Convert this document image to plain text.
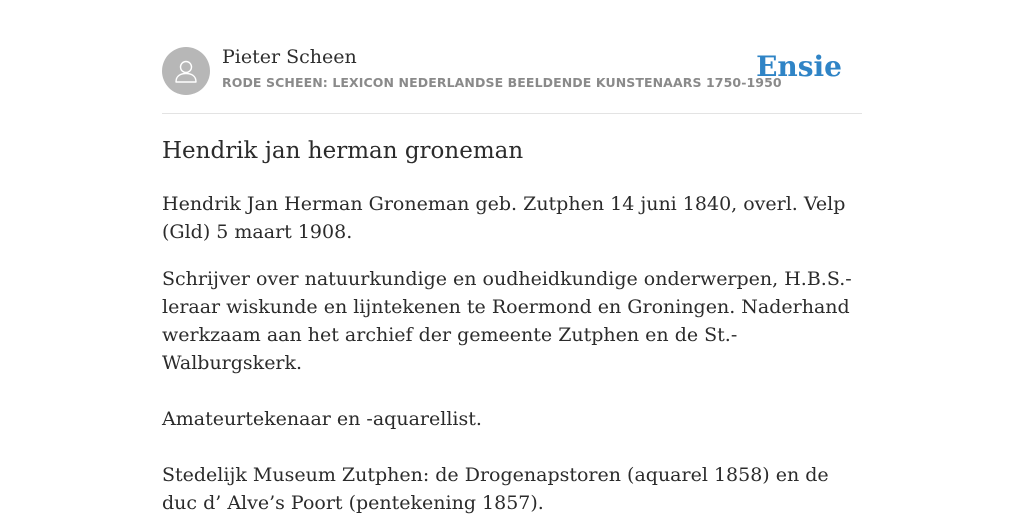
Pieter Scheen
RODE SCHEEN: LEXICON NEDERLANDSE BEELDENDE KUNSTENAARS 1750-1950
Ensie
Hendrik jan herman groneman

Hendrik Jan Herman Groneman geb. Zutphen 14 juni 1840, overl. Velp (Gld) 5 maart 1908.

Schrijver over natuurkundige en oudheidkundige onderwerpen, H.B.S.-leraar wiskunde en lijntekenen te Roermond en Groningen. Naderhand werkzaam aan het archief der gemeente Zutphen en de St.-Walburgskerk.

Amateurtekenaar en -aquarellist.

Stedelijk Museum Zutphen: de Drogenapstoren (aquarel 1858) en de duc d’ Alve’s Poort (pentekening 1857).
